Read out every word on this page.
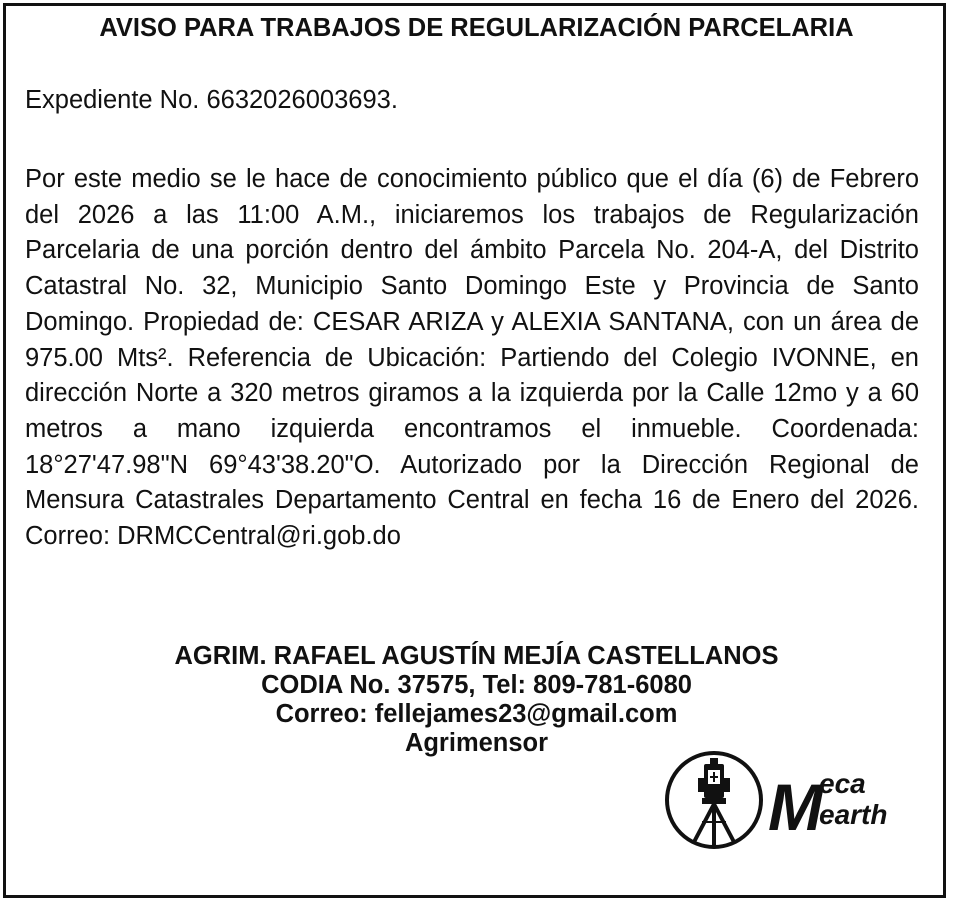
AVISO PARA TRABAJOS DE REGULARIZACIÓN PARCELARIA
Expediente No. 6632026003693.
Por este medio se le hace de conocimiento público que el día (6) de Febrero del 2026 a las 11:00 A.M., iniciaremos los trabajos de Regularización Parcelaria de una porción dentro del ámbito Parcela No. 204-A, del Distrito Catastral No. 32, Municipio Santo Domingo Este y Provincia de Santo Domingo. Propiedad de: CESAR ARIZA y ALEXIA SANTANA, con un área de 975.00 Mts². Referencia de Ubicación: Partiendo del Colegio IVONNE, en dirección Norte a 320 metros giramos a la izquierda por la Calle 12mo y a 60 metros a mano izquierda encontramos el inmueble. Coordenada: 18°27'47.98"N 69°43'38.20"O. Autorizado por la Dirección Regional de Mensura Catastrales Departamento Central en fecha 16 de Enero del 2026. Correo: DRMCCentral@ri.gob.do
AGRIM. RAFAEL AGUSTÍN MEJÍA CASTELLANOS
CODIA No. 37575, Tel: 809-781-6080
Correo: fellejames23@gmail.com
Agrimensor
M
eca
earth
